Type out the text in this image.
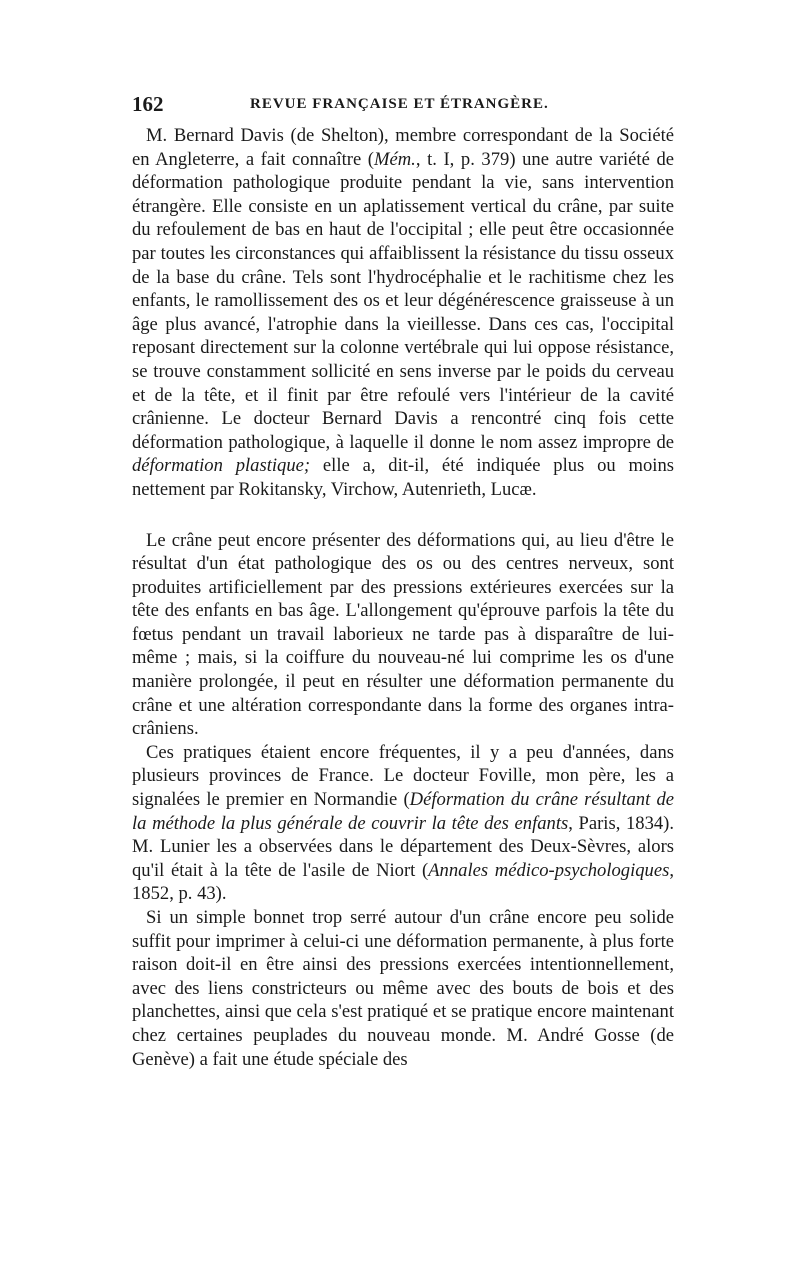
162	REVUE FRANÇAISE ET ÉTRANGÈRE.

M. Bernard Davis (de Shelton), membre correspondant de la Société en Angleterre, a fait connaître (Mém., t. I, p. 379) une autre variété de déformation pathologique produite pendant la vie, sans intervention étrangère. Elle consiste en un aplatissement vertical du crâne, par suite du refoulement de bas en haut de l'occipital ; elle peut être occasionnée par toutes les circonstances qui affaiblissent la résistance du tissu osseux de la base du crâne. Tels sont l'hydrocéphalie et le rachitisme chez les enfants, le ramollissement des os et leur dégénérescence graisseuse à un âge plus avancé, l'atrophie dans la vieillesse. Dans ces cas, l'occipital reposant directement sur la colonne vertébrale qui lui oppose résistance, se trouve constamment sollicité en sens inverse par le poids du cerveau et de la tête, et il finit par être refoulé vers l'intérieur de la cavité crânienne. Le docteur Bernard Davis a rencontré cinq fois cette déformation pathologique, à laquelle il donne le nom assez impropre de déformation plastique; elle a, dit-il, été indiquée plus ou moins nettement par Rokitansky, Virchow, Autenrieth, Lucæ.

Le crâne peut encore présenter des déformations qui, au lieu d'être le résultat d'un état pathologique des os ou des centres nerveux, sont produites artificiellement par des pressions extérieures exercées sur la tête des enfants en bas âge. L'allongement qu'éprouve parfois la tête du fœtus pendant un travail laborieux ne tarde pas à disparaître de lui-même ; mais, si la coiffure du nouveau-né lui comprime les os d'une manière prolongée, il peut en résulter une déformation permanente du crâne et une altération correspondante dans la forme des organes intra-crâniens.

Ces pratiques étaient encore fréquentes, il y a peu d'années, dans plusieurs provinces de France. Le docteur Foville, mon père, les a signalées le premier en Normandie (Déformation du crâne résultant de la méthode la plus générale de couvrir la tête des enfants, Paris, 1834). M. Lunier les a observées dans le département des Deux-Sèvres, alors qu'il était à la tête de l'asile de Niort (Annales médico-psychologiques, 1852, p. 43).

Si un simple bonnet trop serré autour d'un crâne encore peu solide suffit pour imprimer à celui-ci une déformation permanente, à plus forte raison doit-il en être ainsi des pressions exercées intentionnellement, avec des liens constricteurs ou même avec des bouts de bois et des planchettes, ainsi que cela s'est pratiqué et se pratique encore maintenant chez certaines peuplades du nouveau monde. M. André Gosse (de Genève) a fait une étude spéciale des
